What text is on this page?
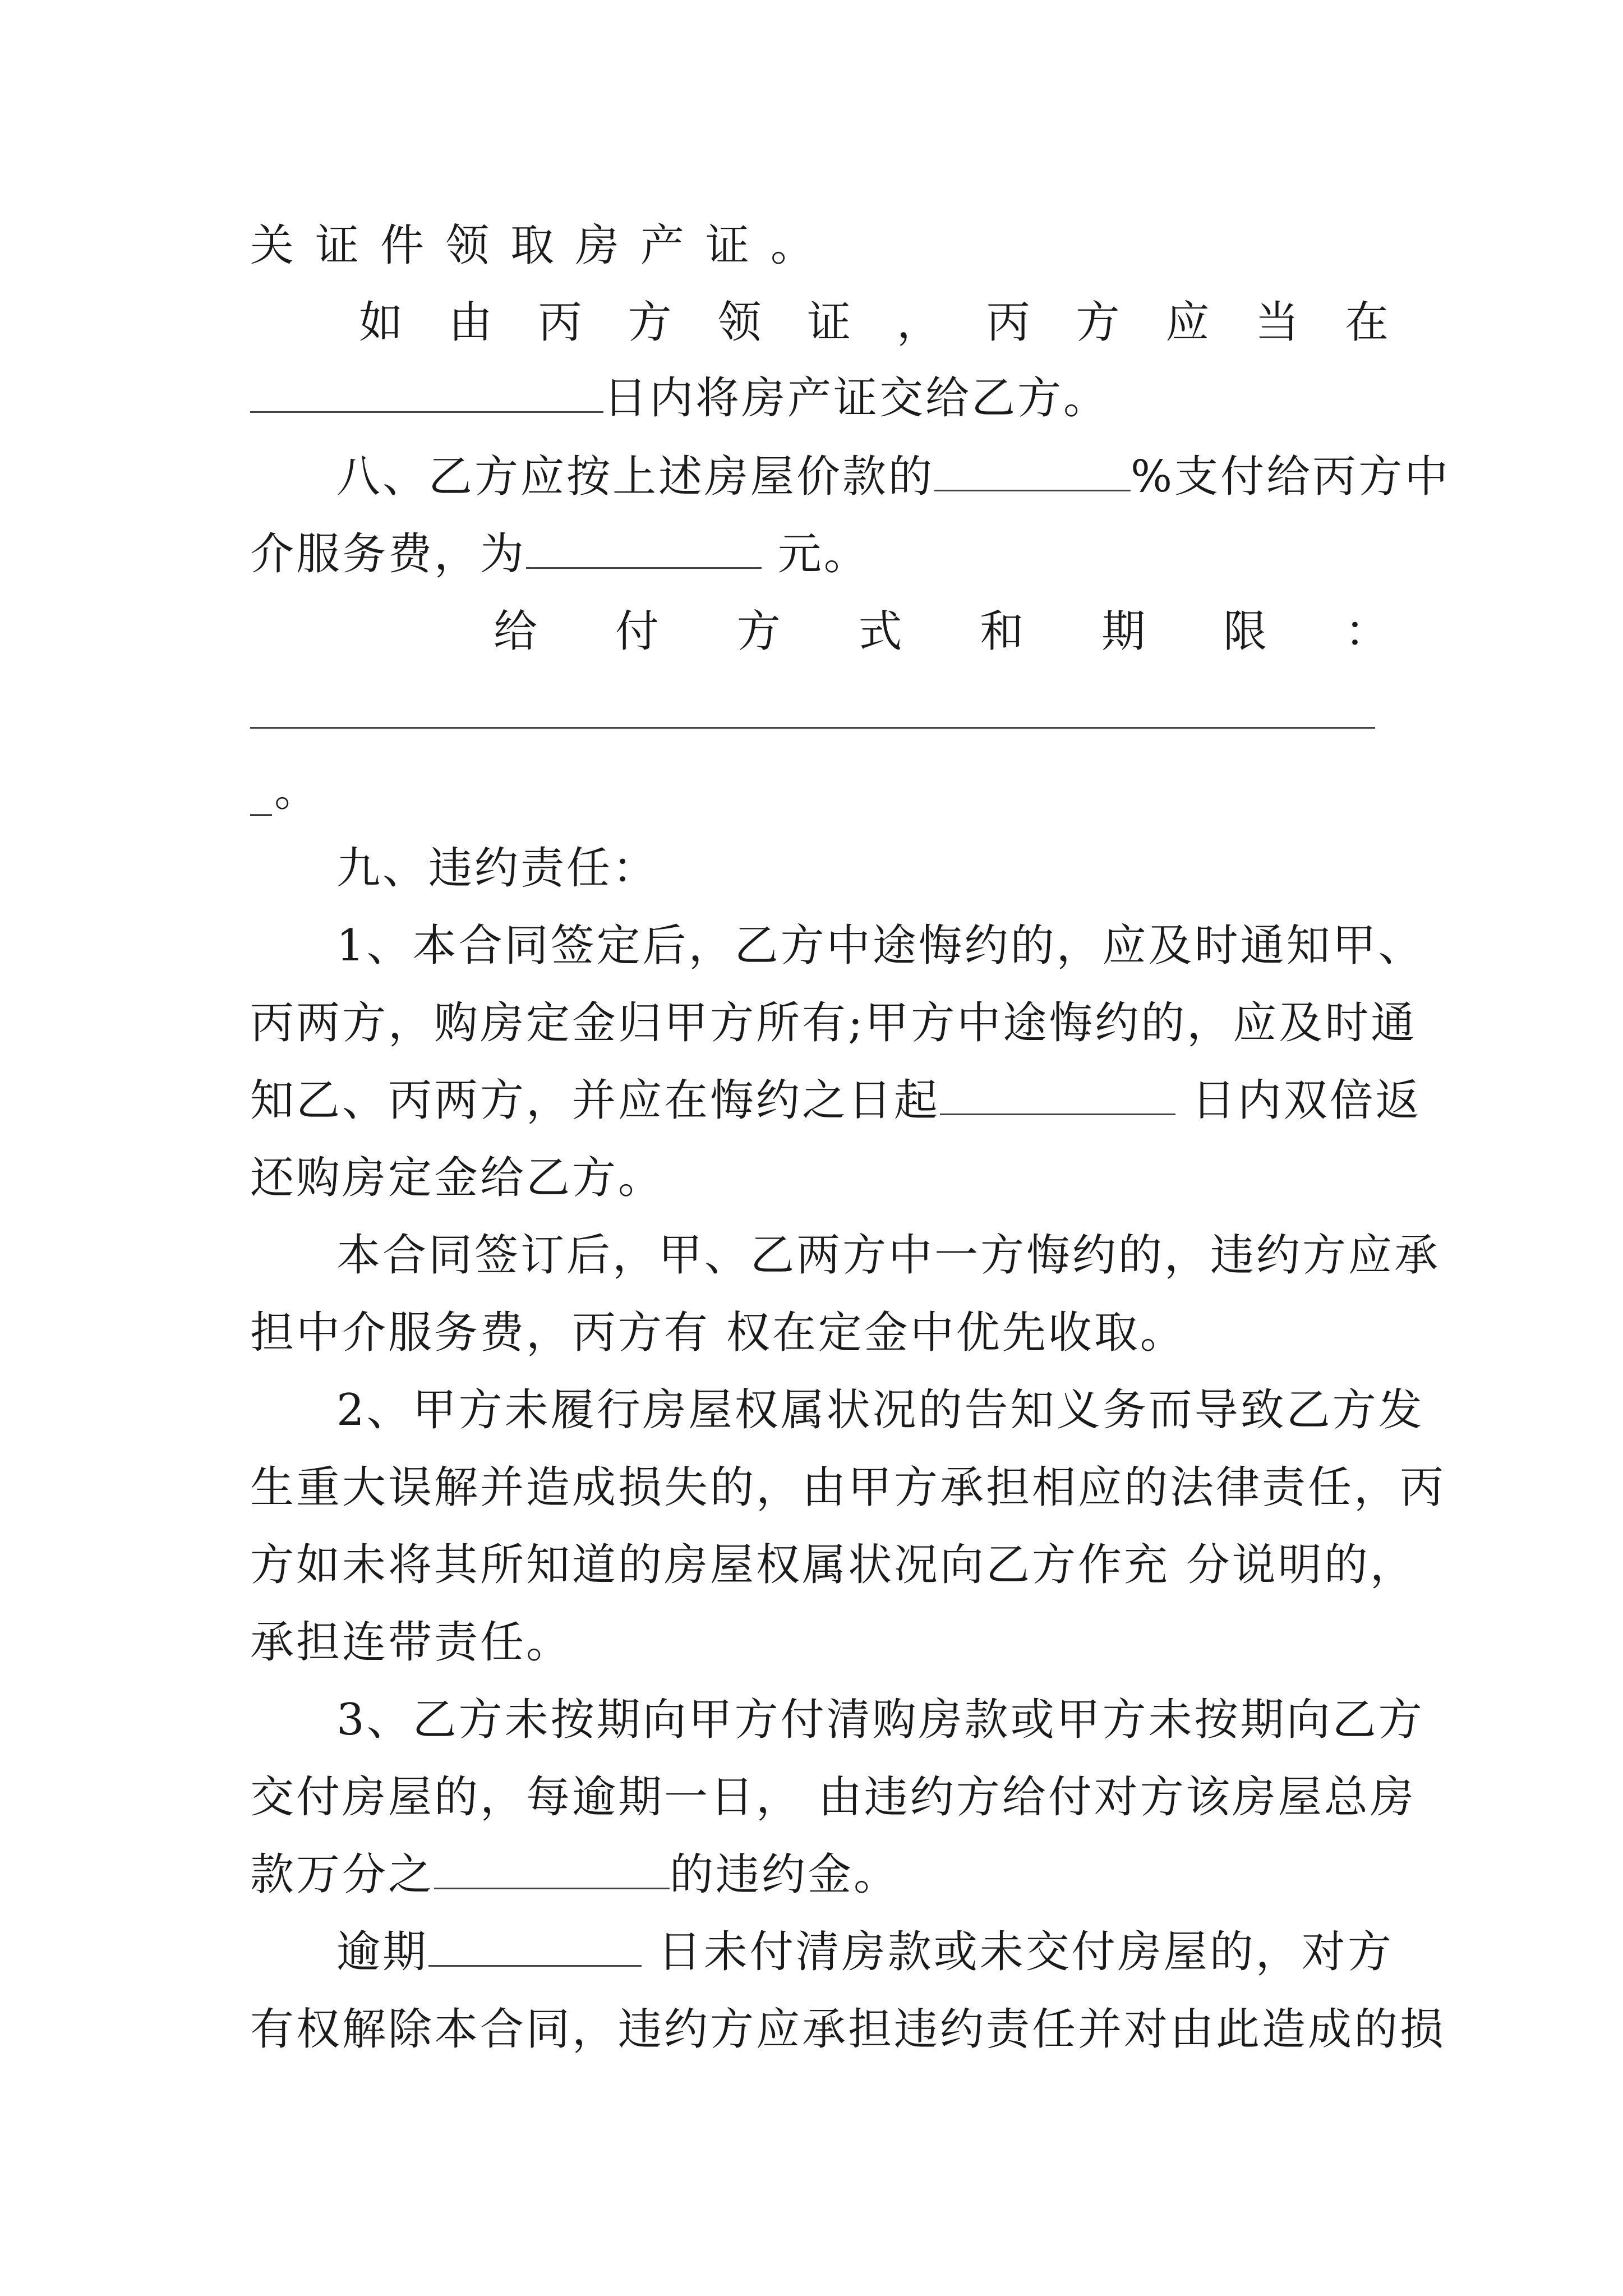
关 证 件 领 取 房 产 证 。
如 由 丙 方 领 证 ， 丙 方 应 当 在
日内将房产证交给乙方。
八、乙方应按上述房屋价款的	%支付给丙方中
介服务费，为	元。
给 付 方 式 和 期 限 ：
_。
九、违约责任：
1、本合同签定后，乙方中途悔约的，应及时通知甲、
丙两方，购房定金归甲方所有;甲方中途悔约的，应及时通
知乙、丙两方，并应在悔约之日起	日内双倍返
还购房定金给乙方。
本合同签订后，甲、乙两方中一方悔约的，违约方应承
担中介服务费，丙方有 权在定金中优先收取。
2、甲方未履行房屋权属状况的告知义务而导致乙方发
生重大误解并造成损失的，由甲方承担相应的法律责任，丙
方如未将其所知道的房屋权属状况向乙方作充 分说明的，
承担连带责任。
3、乙方未按期向甲方付清购房款或甲方未按期向乙方
交付房屋的，每逾期一日， 由违约方给付对方该房屋总房
款万分之	的违约金。
逾期	日未付清房款或未交付房屋的，对方
有权解除本合同，违约方应承担违约责任并对由此造成的损
